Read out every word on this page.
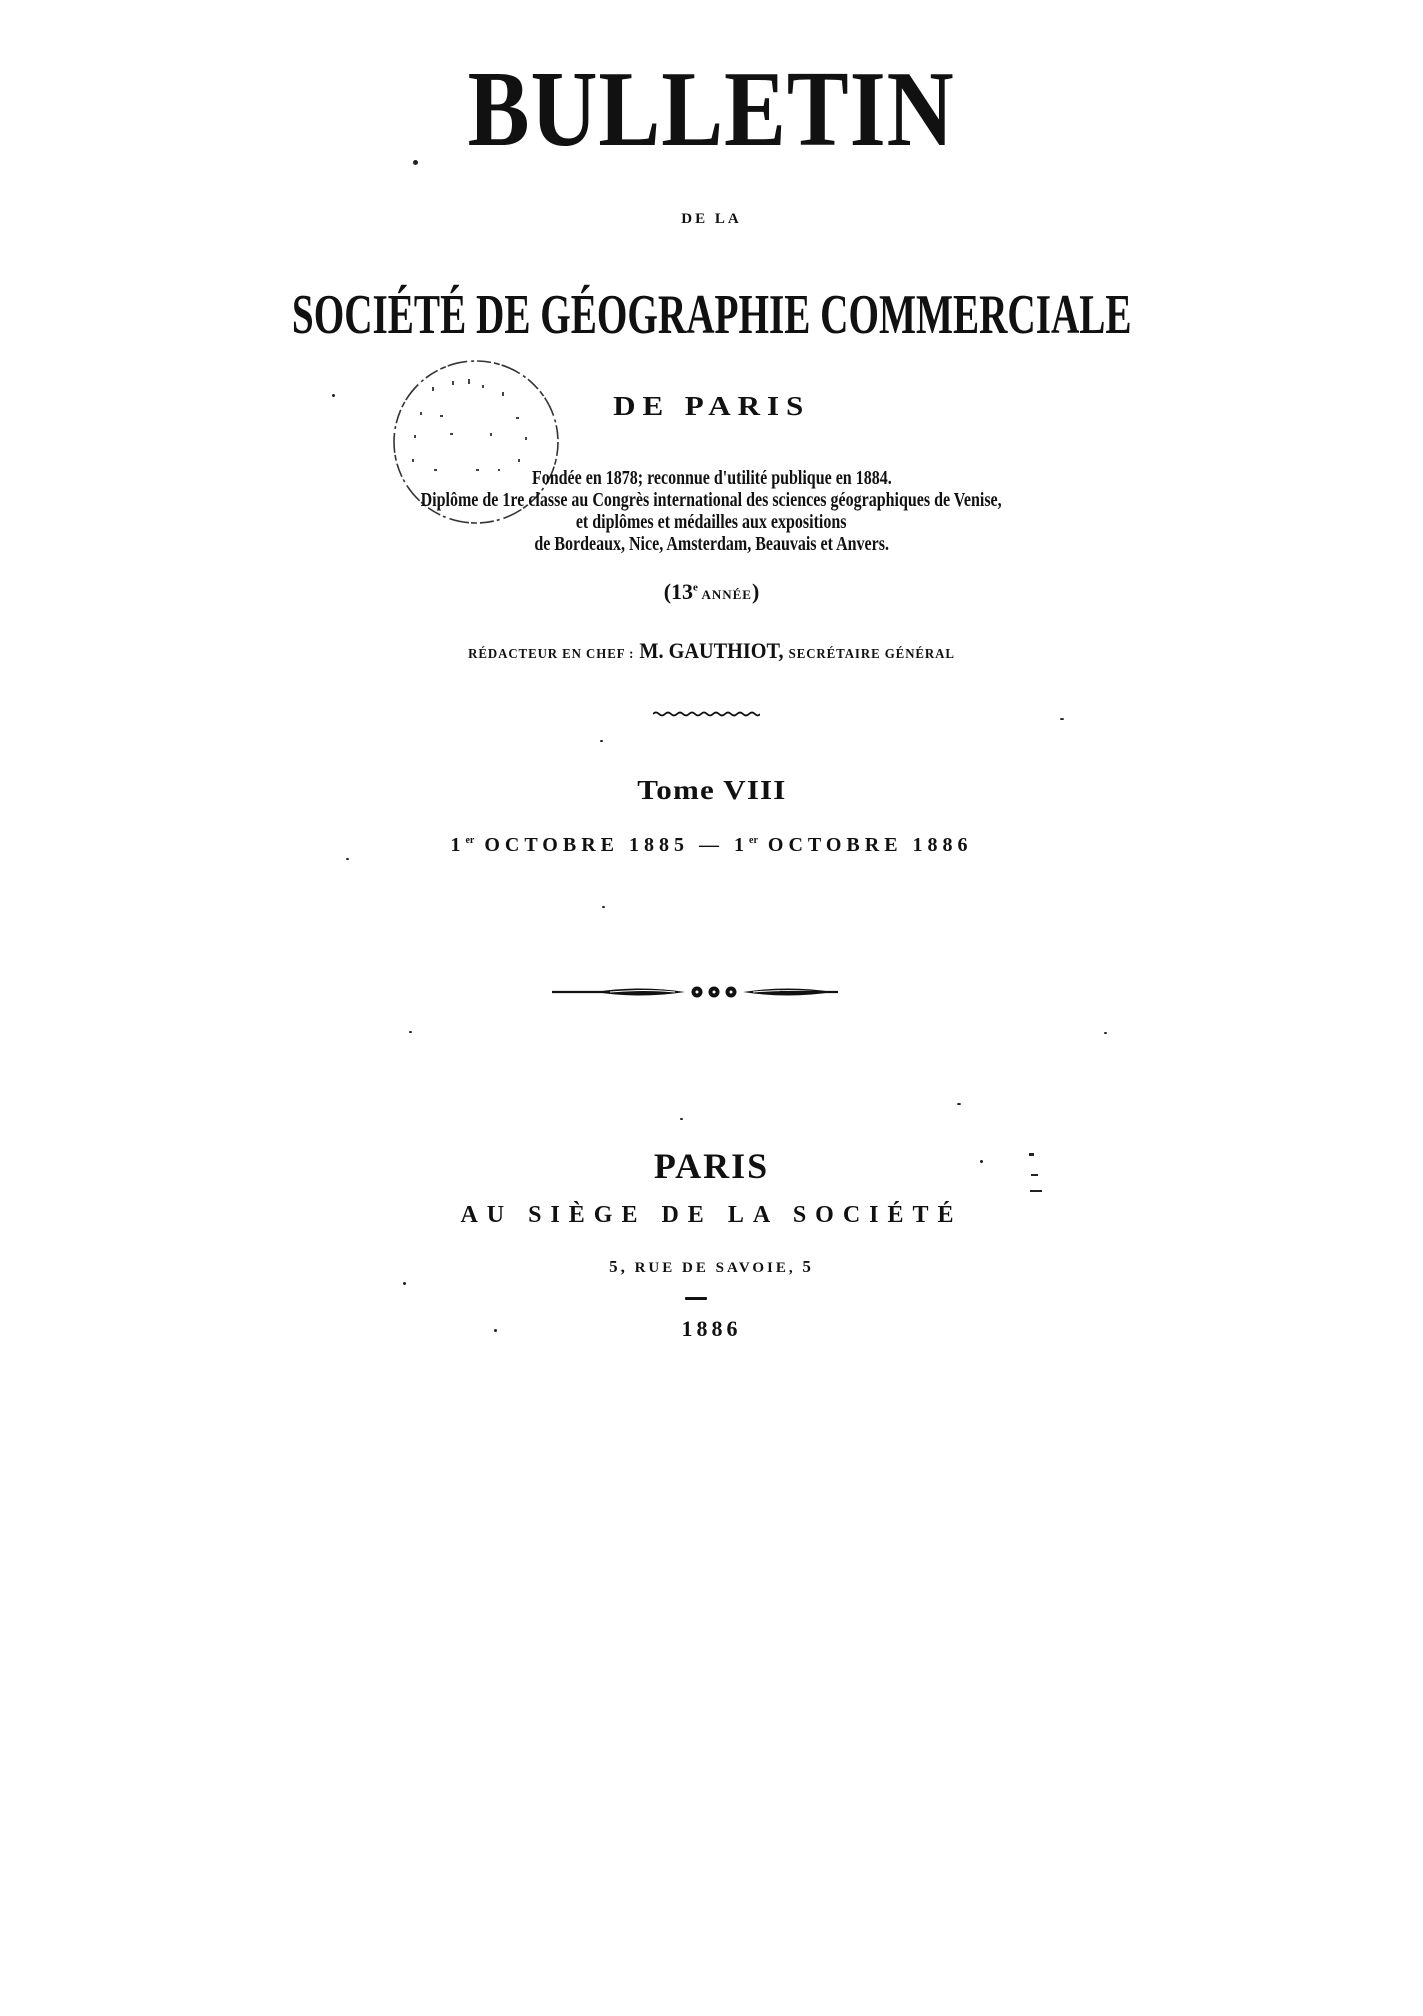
BULLETIN
DE LA
SOCIÉTÉ DE GÉOGRAPHIE COMMERCIALE
DE PARIS
Fondée en 1878; reconnue d'utilité publique en 1884.
Diplôme de 1re classe au Congrès international des sciences géographiques de Venise,
et diplômes et médailles aux expositions
de Bordeaux, Nice, Amsterdam, Beauvais et Anvers.
(13e ANNÉE)
RÉDACTEUR EN CHEF : M. GAUTHIOT, SECRÉTAIRE GÉNÉRAL
Tome VIII
1er OCTOBRE 1885 — 1er OCTOBRE 1886
PARIS
AU SIÈGE DE LA SOCIÉTÉ
5, RUE DE SAVOIE, 5
1886
